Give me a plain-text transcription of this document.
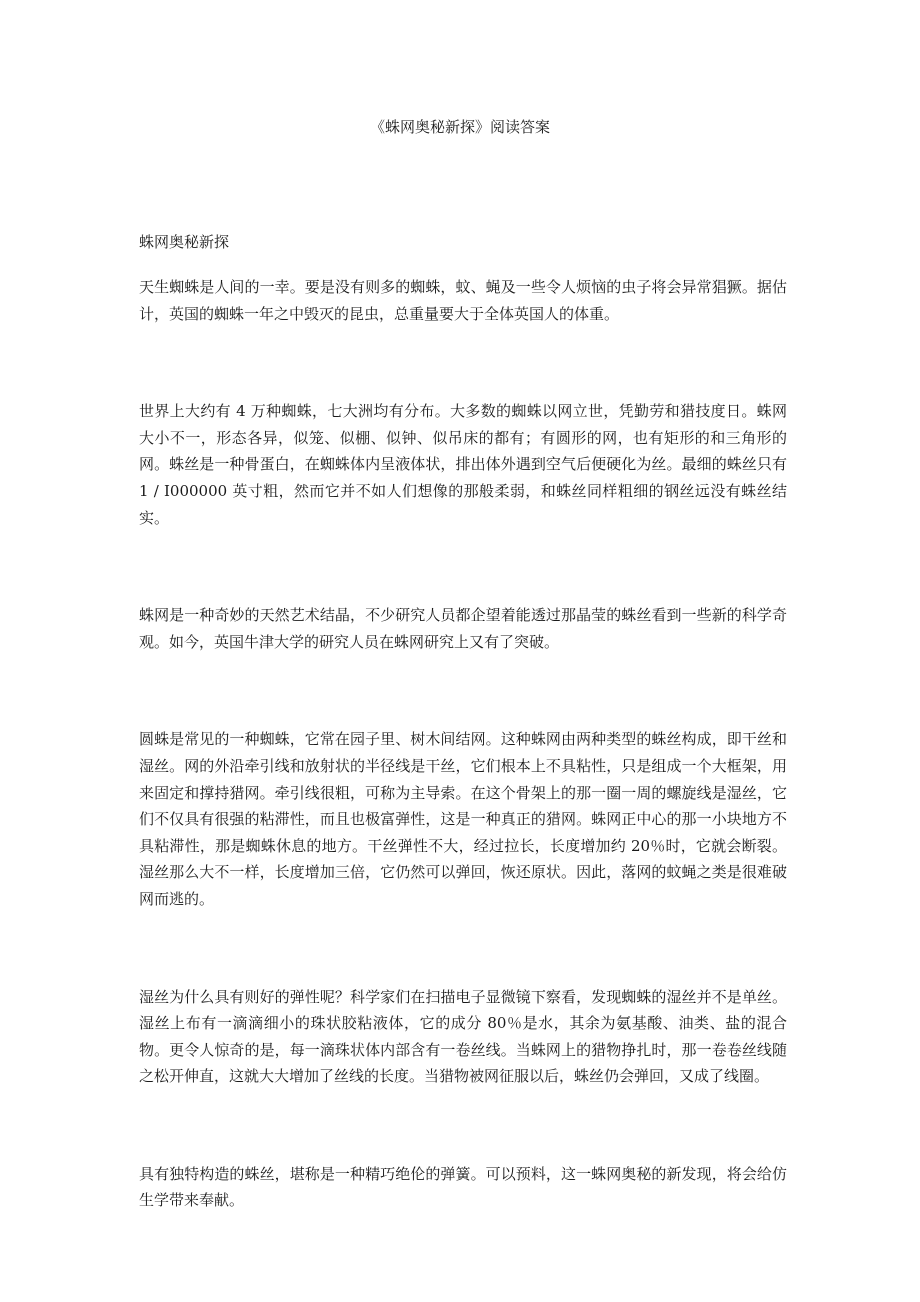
《蛛网奥秘新探》阅读答案
蛛网奥秘新探

天生蜘蛛是人间的一幸。要是没有则多的蜘蛛，蚊、蝇及一些令人烦恼的虫子将会异常猖獗。据估计，英国的蜘蛛一年之中毁灭的昆虫，总重量要大于全体英国人的体重。

世界上大约有 4 万种蜘蛛，七大洲均有分布。大多数的蜘蛛以网立世，凭勤劳和猎技度日。蛛网大小不一，形态各异，似笼、似棚、似钟、似吊床的都有；有圆形的网，也有矩形的和三角形的网。蛛丝是一种骨蛋白，在蜘蛛体内呈液体状，排出体外遇到空气后便硬化为丝。最细的蛛丝只有 1 / I000000 英寸粗，然而它并不如人们想像的那般柔弱，和蛛丝同样粗细的钢丝远没有蛛丝结实。

蛛网是一种奇妙的天然艺术结晶，不少研究人员都企望着能透过那晶莹的蛛丝看到一些新的科学奇观。如今，英国牛津大学的研究人员在蛛网研究上又有了突破。

圆蛛是常见的一种蜘蛛，它常在园子里、树木间结网。这种蛛网由两种类型的蛛丝构成，即干丝和湿丝。网的外沿牵引线和放射状的半径线是干丝，它们根本上不具粘性，只是组成一个大框架，用来固定和撑持猎网。牵引线很粗，可称为主导索。在这个骨架上的那一圈一周的螺旋线是湿丝，它们不仅具有很强的粘滞性，而且也极富弹性，这是一种真正的猎网。蛛网正中心的那一小块地方不具粘滞性，那是蜘蛛休息的地方。干丝弹性不大，经过拉长，长度增加约 20％时，它就会断裂。湿丝那么大不一样，长度增加三倍，它仍然可以弹回，恢还原状。因此，落网的蚊蝇之类是很难破网而逃的。

湿丝为什么具有则好的弹性呢？科学家们在扫描电子显微镜下察看，发现蜘蛛的湿丝并不是单丝。湿丝上布有一滴滴细小的珠状胶粘液体，它的成分 80％是水，其余为氨基酸、油类、盐的混合物。更令人惊奇的是，每一滴珠状体内部含有一卷丝线。当蛛网上的猎物挣扎时，那一卷卷丝线随之松开伸直，这就大大增加了丝线的长度。当猎物被网征服以后，蛛丝仍会弹回，又成了线圈。

具有独特构造的蛛丝，堪称是一种精巧绝伦的弹簧。可以预料，这一蛛网奥秘的新发现，将会给仿生学带来奉献。
